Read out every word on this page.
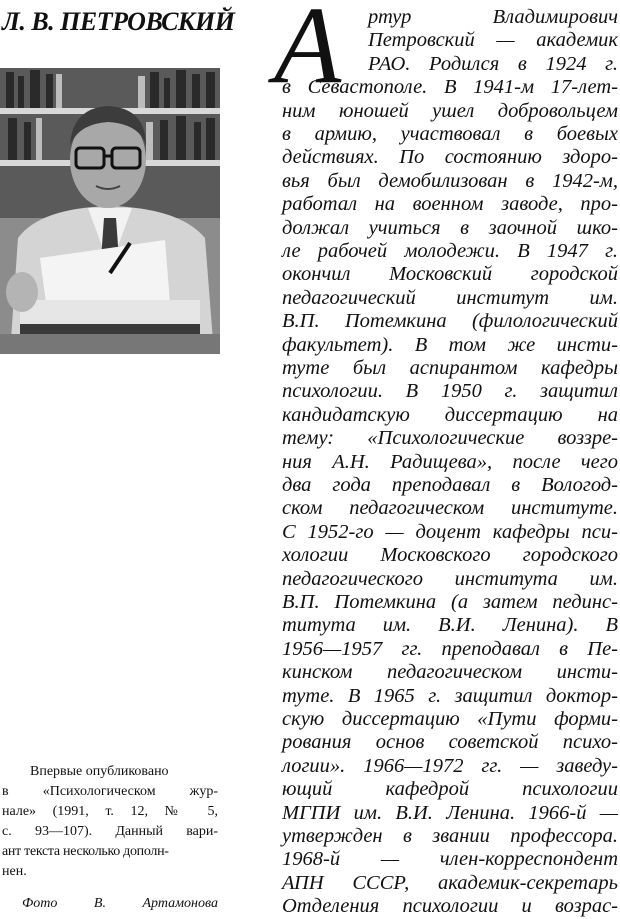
Л. В. ПЕТРОВСКИЙ
Впервые опубликовано
в «Психологическом жур-
нале» (1991, т. 12, № 5,
с. 93—107). Данный вари-
ант текста несколько дополн-
нен.
Фото	В.	Артамонова
А	ртур Владимирович
Петровский — академик
РАО. Родился в 1924 г.
в Севастополе. В 1941-м 17-лет-
ним юношей ушел добровольцем
в армию, участвовал в боевых
действиях. По состоянию здоро-
вья был демобилизован в 1942-м,
работал на военном заводе, про-
должал учиться в заочной шко-
ле рабочей молодежи. В 1947 г.
окончил Московский городской
педагогический институт им.
В.П. Потемкина (филологический
факультет). В том же инсти-
туте был аспирантом кафедры
психологии. В 1950 г. защитил
кандидатскую диссертацию на
тему: «Психологические воззре-
ния А.Н. Радищева», после чего
два года преподавал в Вологод-
ском педагогическом институте.
С 1952-го — доцент кафедры пси-
хологии Московского городского
педагогического института им.
В.П. Потемкина (а затем пединс-
титута им. В.И. Ленина). В
1956—1957 гг. преподавал в Пе-
кинском педагогическом инсти-
туте. В 1965 г. защитил доктор-
скую диссертацию «Пути форми-
рования основ советской психо-
логии». 1966—1972 гг. — заведу-
ющий кафедрой психологии
МГПИ им. В.И. Ленина. 1966-й —
утвержден в звании профессора.
1968-й — член-корреспондент
АПН СССР, академик-секретарь
Отделения психологии и возрас-
